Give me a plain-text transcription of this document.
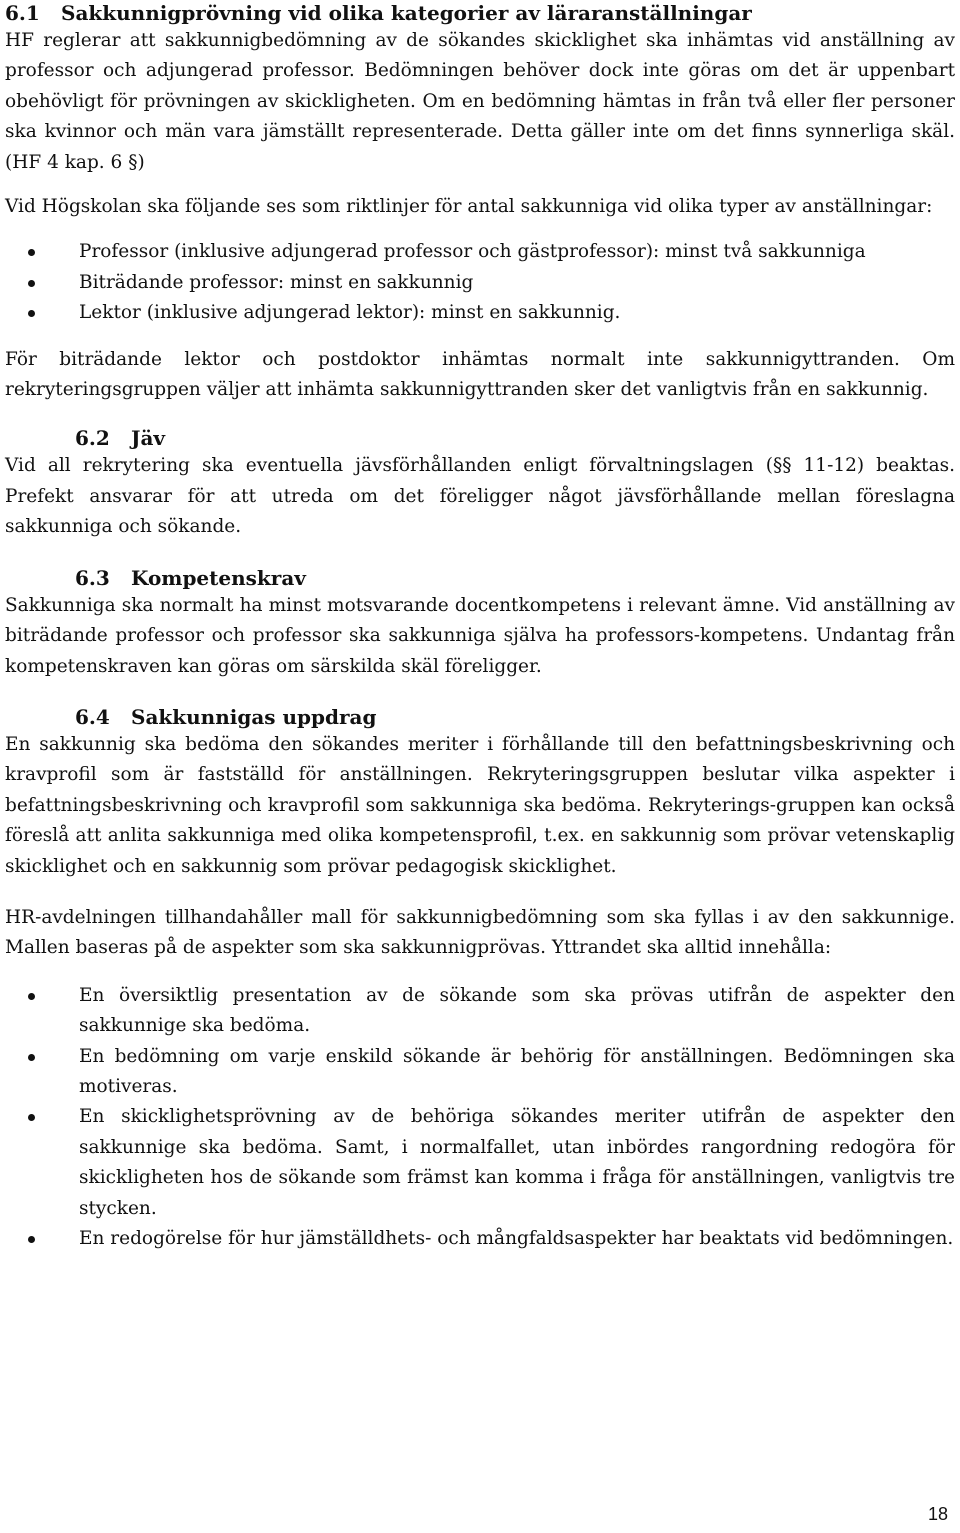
6.1 Sakkunnigprövning vid olika kategorier av läraranställningar

HF reglerar att sakkunnigbedömning av de sökandes skicklighet ska inhämtas vid anställning av professor och adjungerad professor. Bedömningen behöver dock inte göras om det är uppenbart obehövligt för prövningen av skickligheten. Om en bedömning hämtas in från två eller fler personer ska kvinnor och män vara jämställt representerade. Detta gäller inte om det finns synnerliga skäl. (HF 4 kap. 6 §)

Vid Högskolan ska följande ses som riktlinjer för antal sakkunniga vid olika typer av anställningar:

Professor (inklusive adjungerad professor och gästprofessor): minst två sakkunniga
Biträdande professor: minst en sakkunnig
Lektor (inklusive adjungerad lektor): minst en sakkunnig.

För biträdande lektor och postdoktor inhämtas normalt inte sakkunnigyttranden. Om rekryteringsgruppen väljer att inhämta sakkunnigyttranden sker det vanligtvis från en sakkunnig.

6.2 Jäv

Vid all rekrytering ska eventuella jävsförhållanden enligt förvaltningslagen (§§ 11-12) beaktas. Prefekt ansvarar för att utreda om det föreligger något jävsförhållande mellan föreslagna sakkunniga och sökande.

6.3 Kompetenskrav

Sakkunniga ska normalt ha minst motsvarande docentkompetens i relevant ämne. Vid anställning av biträdande professor och professor ska sakkunniga själva ha professors-kompetens. Undantag från kompetenskraven kan göras om särskilda skäl föreligger.

6.4 Sakkunnigas uppdrag

En sakkunnig ska bedöma den sökandes meriter i förhållande till den befattningsbeskrivning och kravprofil som är fastställd för anställningen. Rekryteringsgruppen beslutar vilka aspekter i befattningsbeskrivning och kravprofil som sakkunniga ska bedöma. Rekryterings-gruppen kan också föreslå att anlita sakkunniga med olika kompetensprofil, t.ex. en sakkunnig som prövar vetenskaplig skicklighet och en sakkunnig som prövar pedagogisk skicklighet.

HR-avdelningen tillhandahåller mall för sakkunnigbedömning som ska fyllas i av den sakkunnige. Mallen baseras på de aspekter som ska sakkunnigprövas. Yttrandet ska alltid innehålla:

En översiktlig presentation av de sökande som ska prövas utifrån de aspekter den sakkunnige ska bedöma.
En bedömning om varje enskild sökande är behörig för anställningen. Bedömningen ska motiveras.
En skicklighetsprövning av de behöriga sökandes meriter utifrån de aspekter den sakkunnige ska bedöma. Samt, i normalfallet, utan inbördes rangordning redogöra för skickligheten hos de sökande som främst kan komma i fråga för anställningen, vanligtvis tre stycken.
En redogörelse för hur jämställdhets- och mångfaldsaspekter har beaktats vid bedömningen.
18
